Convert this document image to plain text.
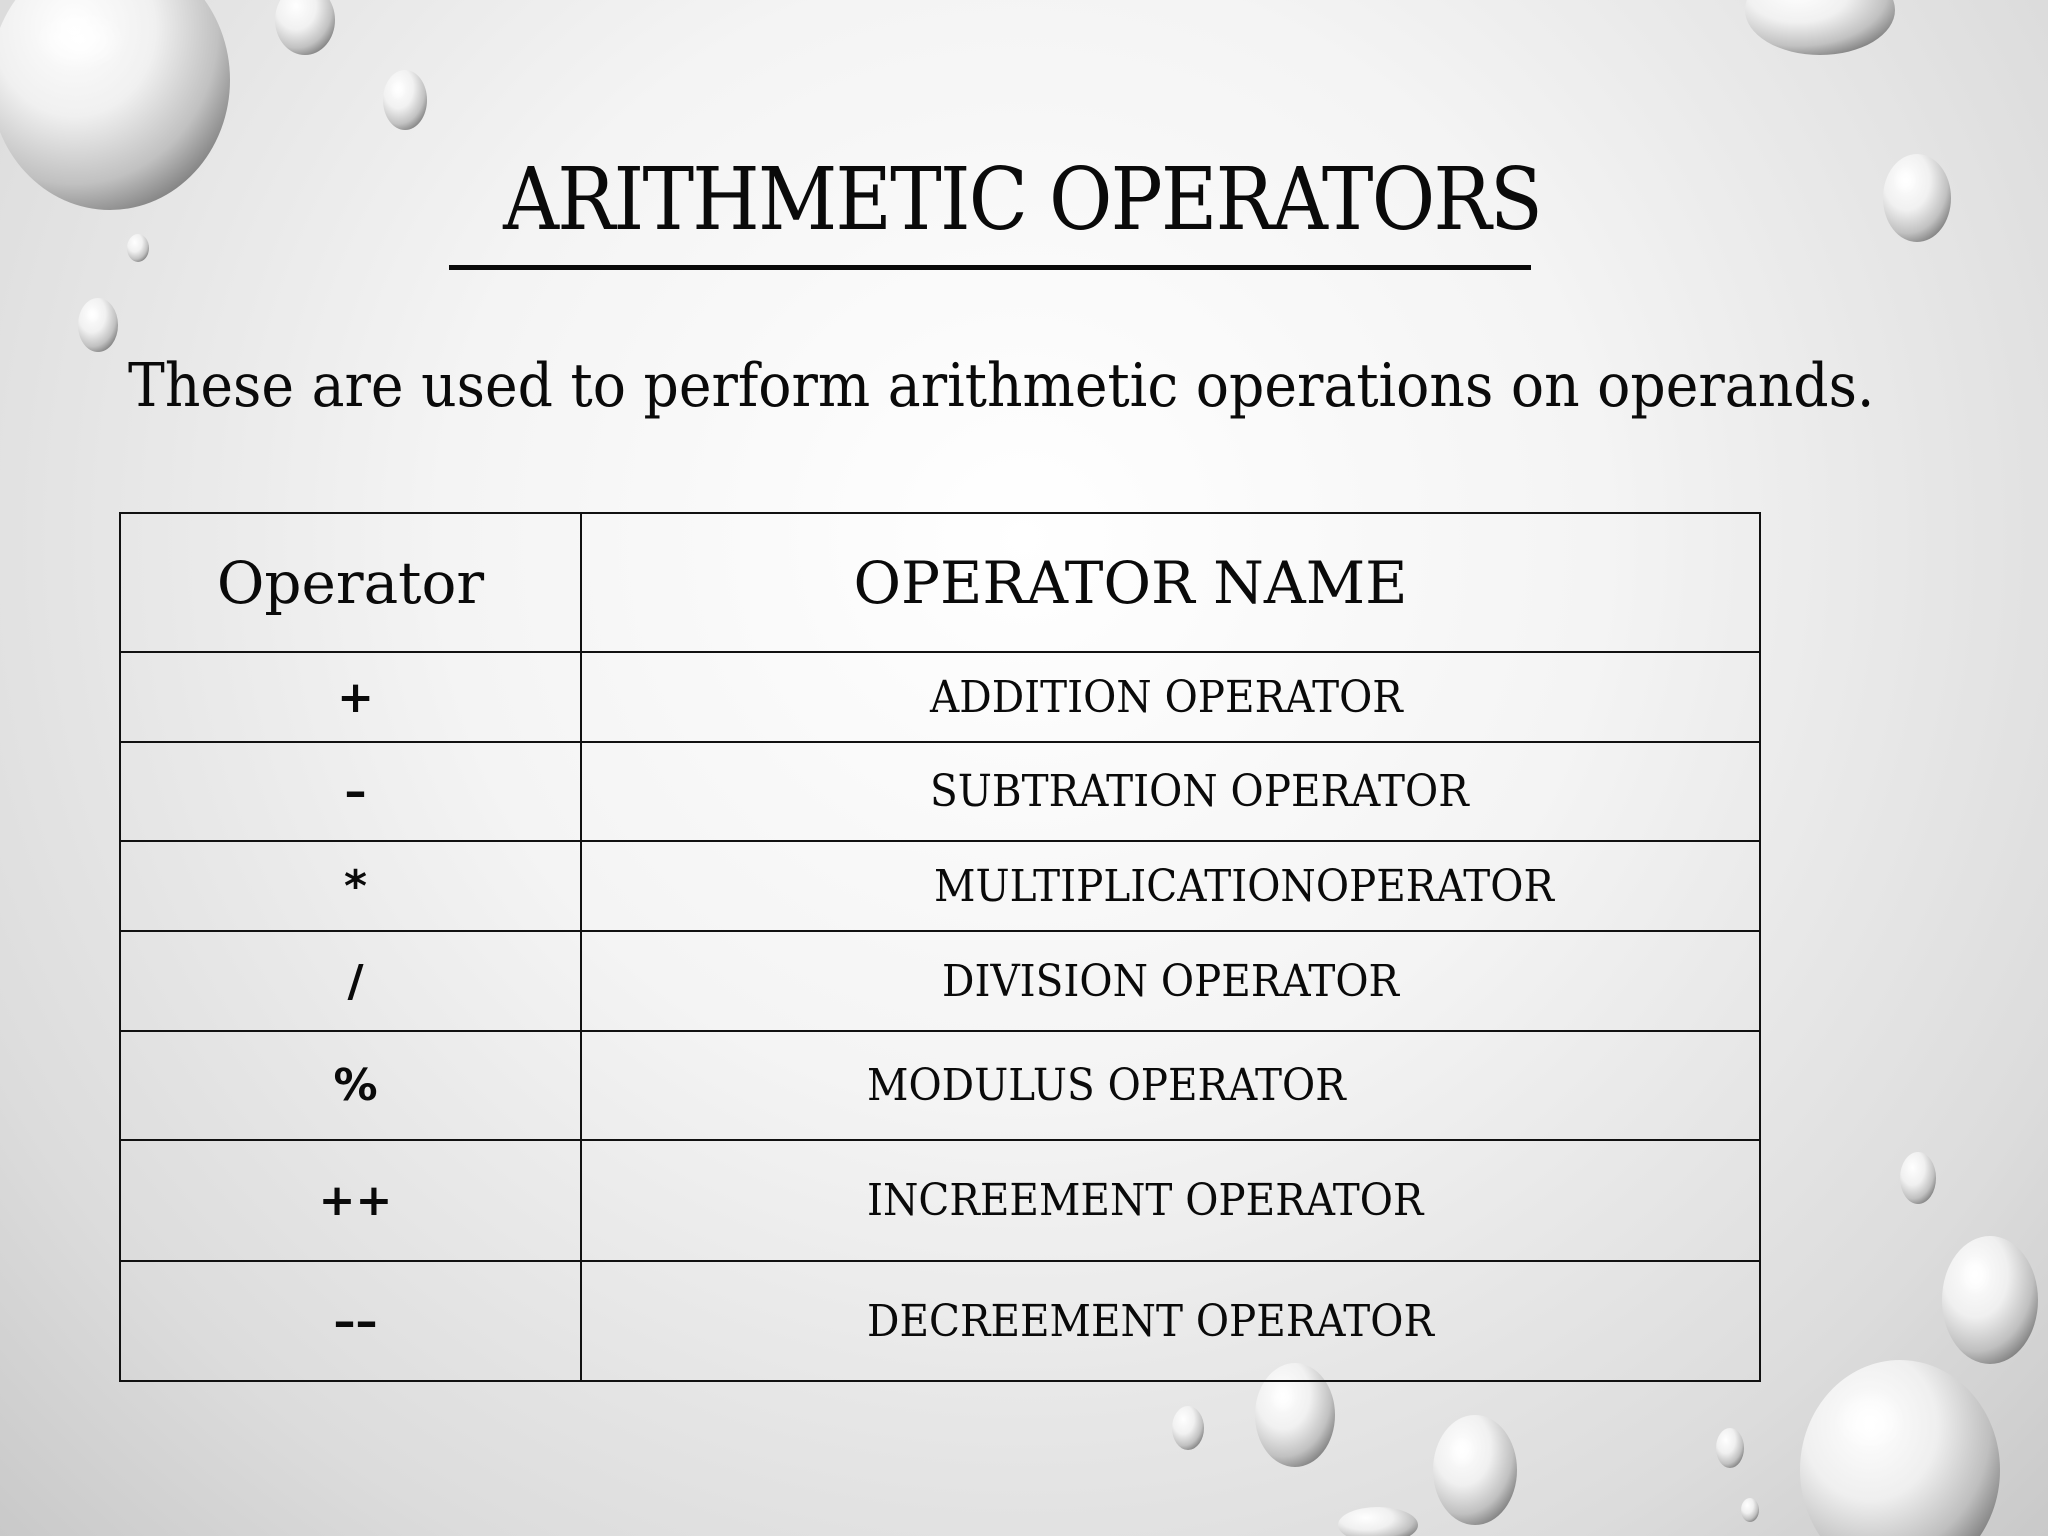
ARITHMETIC OPERATORS

These are used to perform arithmetic operations on operands.

Operator	OPERATOR NAME
+	ADDITION OPERATOR
–	SUBTRATION OPERATOR
*	MULTIPLICATIONOPERATOR
/	DIVISION OPERATOR
%	MODULUS OPERATOR
++	INCREEMENT OPERATOR
––	DECREEMENT OPERATOR
